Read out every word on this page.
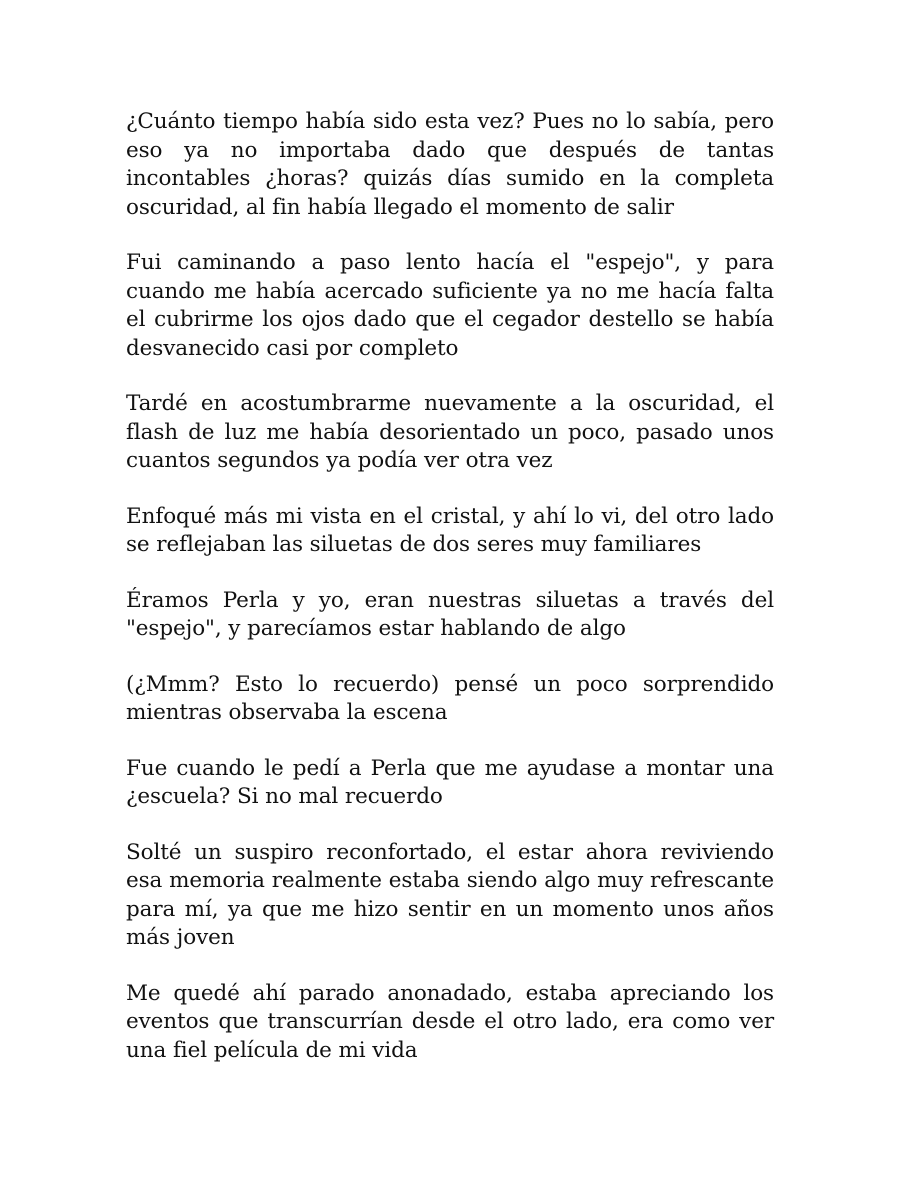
¿Cuánto tiempo había sido esta vez? Pues no lo sabía, pero eso ya no importaba dado que después de tantas incontables ¿horas? quizás días sumido en la completa oscuridad, al fin había llegado el momento de salir

Fui caminando a paso lento hacía el "espejo", y para cuando me había acercado suficiente ya no me hacía falta el cubrirme los ojos dado que el cegador destello se había desvanecido casi por completo

Tardé en acostumbrarme nuevamente a la oscuridad, el flash de luz me había desorientado un poco, pasado unos cuantos segundos ya podía ver otra vez

Enfoqué más mi vista en el cristal, y ahí lo vi, del otro lado se reflejaban las siluetas de dos seres muy familiares

Éramos Perla y yo, eran nuestras siluetas a través del "espejo", y parecíamos estar hablando de algo

(¿Mmm? Esto lo recuerdo) pensé un poco sorprendido mientras observaba la escena

Fue cuando le pedí a Perla que me ayudase a montar una ¿escuela? Si no mal recuerdo

Solté un suspiro reconfortado, el estar ahora reviviendo esa memoria realmente estaba siendo algo muy refrescante para mí, ya que me hizo sentir en un momento unos años más joven

Me quedé ahí parado anonadado, estaba apreciando los eventos que transcurrían desde el otro lado, era como ver una fiel película de mi vida
